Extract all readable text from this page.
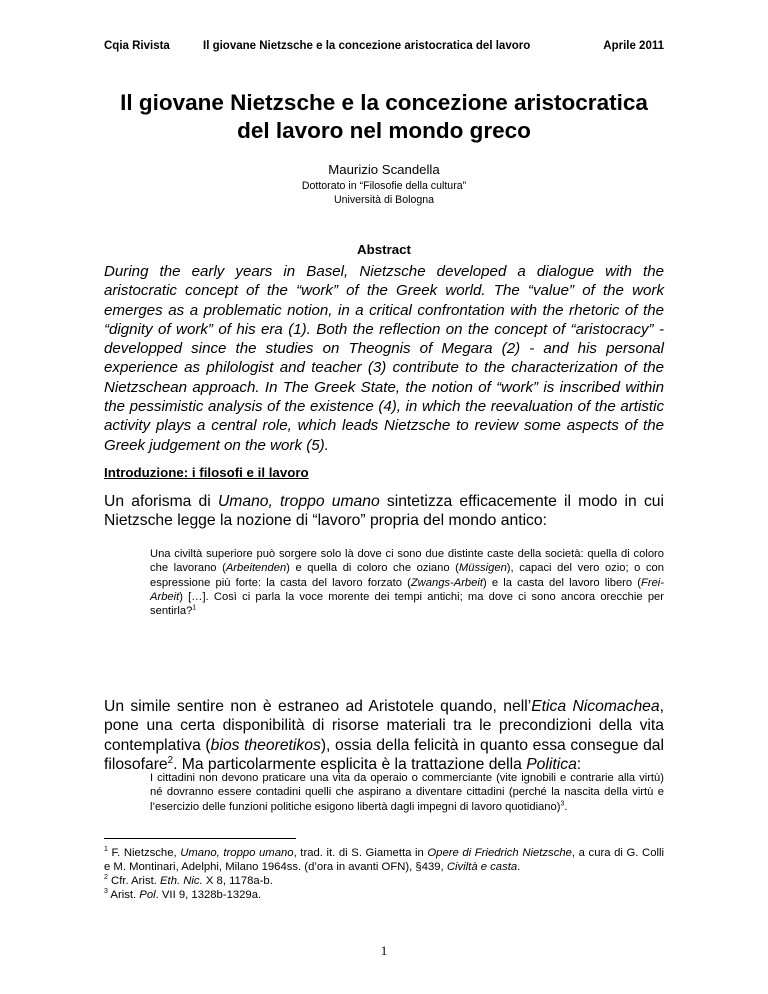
Cqia Rivista	Il giovane Nietzsche e la concezione aristocratica del lavoro	Aprile 2011
Il giovane Nietzsche e la concezione aristocratica
del lavoro nel mondo greco
Maurizio Scandella
Dottorato in “Filosofie della cultura”
Università di Bologna
Abstract

During the early years in Basel, Nietzsche developed a dialogue with the aristocratic concept of the “work” of the Greek world. The “value” of the work emerges as a problematic notion, in a critical confrontation with the rhetoric of the “dignity of work” of his era (1). Both the reflection on the concept of “aristocracy” - developped since the studies on Theognis of Megara (2) - and his personal experience as philologist and teacher (3) contribute to the characterization of the Nietzschean approach. In The Greek State, the notion of “work” is inscribed within the pessimistic analysis of the existence (4), in which the reevaluation of the artistic activity plays a central role, which leads Nietzsche to review some aspects of the Greek judgement on the work (5).

Introduzione: i filosofi e il lavoro

Un aforisma di Umano, troppo umano sintetizza efficacemente il modo in cui Nietzsche legge la nozione di “lavoro” propria del mondo antico:

Una civiltà superiore può sorgere solo là dove ci sono due distinte caste della società: quella di coloro che lavorano (Arbeitenden) e quella di coloro che oziano (Müssigen), capaci del vero ozio; o con espressione più forte: la casta del lavoro forzato (Zwangs-Arbeit) e la casta del lavoro libero (Frei-Arbeit) […]. Così ci parla la voce morente dei tempi antichi; ma dove ci sono ancora orecchie per sentirla?$^1$

Un simile sentire non è estraneo ad Aristotele quando, nell’Etica Nicomachea, pone una certa disponibilità di risorse materiali tra le precondizioni della vita contemplativa (bios theoretikos), ossia della felicità in quanto essa consegue dal filosofare$^2$. Ma particolarmente esplicita è la trattazione della Politica:

I cittadini non devono praticare una vita da operaio o commerciante (vite ignobili e contrarie alla virtù) né dovranno essere contadini quelli che aspirano a diventare cittadini (perché la nascita della virtù e l’esercizio delle funzioni politiche esigono libertà dagli impegni di lavoro quotidiano)$^3$.

$^1$ F. Nietzsche, Umano, troppo umano, trad. it. di S. Giametta in Opere di Friedrich Nietzsche, a cura di G. Colli e M. Montinari, Adelphi, Milano 1964ss. (d’ora in avanti OFN), §439, Civiltà e casta.

$^2$ Cfr. Arist. Eth. Nic. X 8, 1178a-b.

$^3$ Arist. Pol. VII 9, 1328b-1329a.

1
